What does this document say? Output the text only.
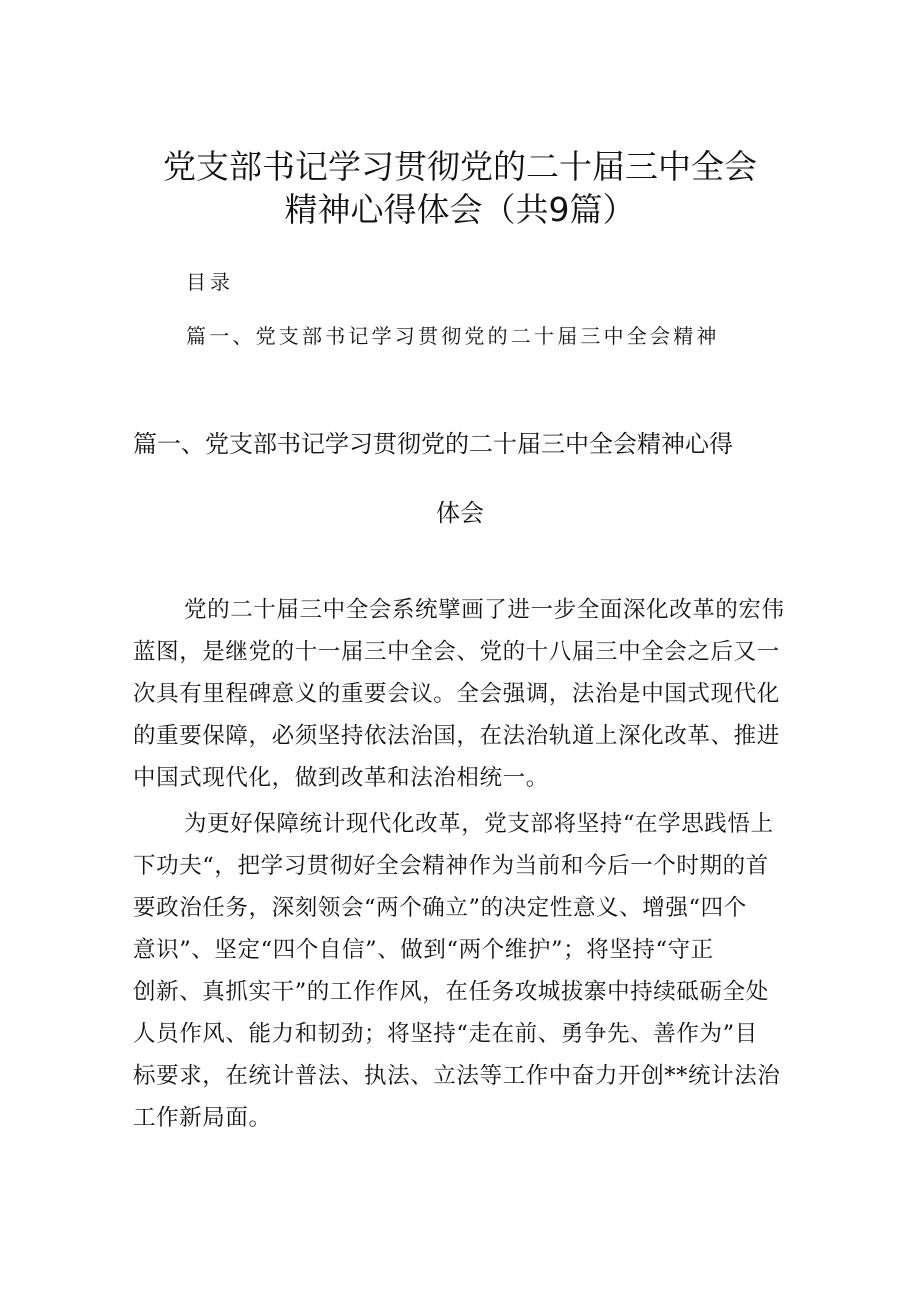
党支部书记学习贯彻党的二十届三中全会
精神心得体会（共9篇）
目录
篇一、党支部书记学习贯彻党的二十届三中全会精神
篇一、党支部书记学习贯彻党的二十届三中全会精神心得
体会
党的二十届三中全会系统擘画了进一步全面深化改革的宏伟
蓝图，是继党的十一届三中全会、党的十八届三中全会之后又一
次具有里程碑意义的重要会议。全会强调，法治是中国式现代化
的重要保障，必须坚持依法治国，在法治轨道上深化改革、推进
中国式现代化，做到改革和法治相统一。
为更好保障统计现代化改革，党支部将坚持“在学思践悟上
下功夫“，把学习贯彻好全会精神作为当前和今后一个时期的首
要政治任务，深刻领会“两个确立”的决定性意义、增强“四个
意识”、坚定“四个自信”、做到“两个维护”；将坚持“守正
创新、真抓实干”的工作作风，在任务攻城拔寨中持续砥砺全处
人员作风、能力和韧劲；将坚持“走在前、勇争先、善作为”目
标要求，在统计普法、执法、立法等工作中奋力开创**统计法治
工作新局面。
